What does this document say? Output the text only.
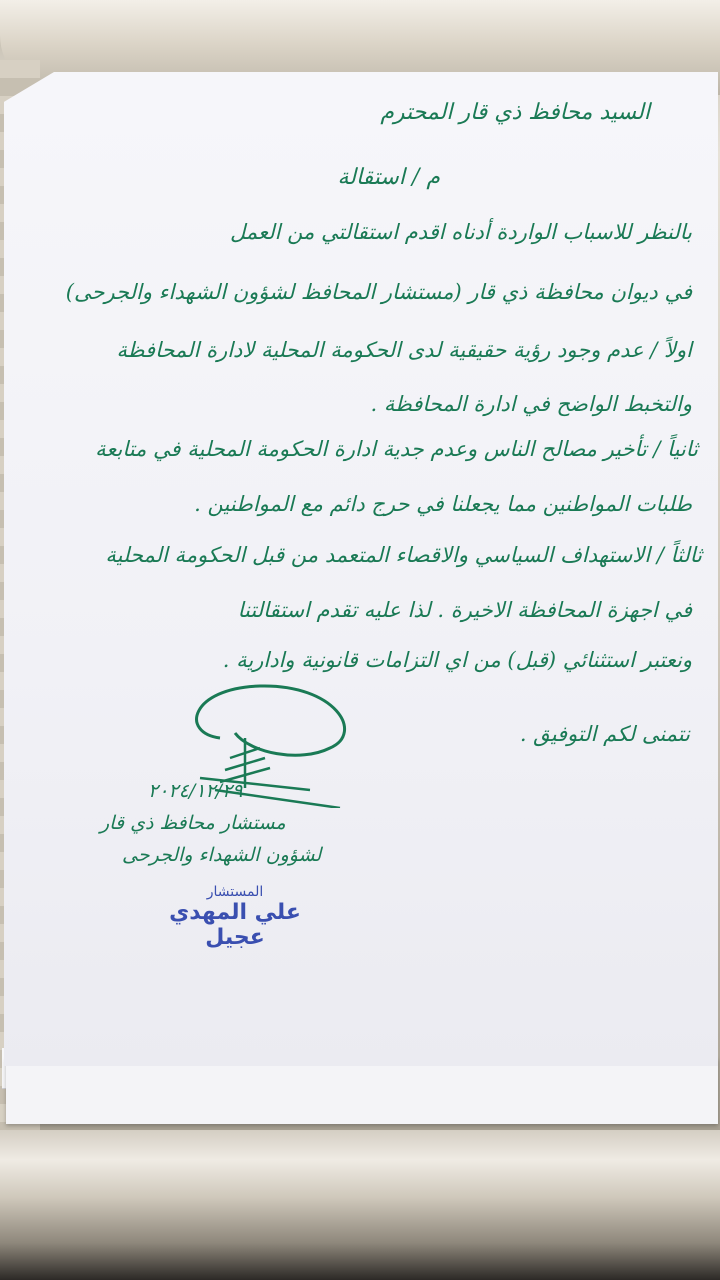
السيد محافظ ذي قار المحترم
م / استقالة
بالنظر للاسباب الواردة أدناه اقدم استقالتي من العمل
في ديوان محافظة ذي قار (مستشار المحافظ لشؤون الشهداء والجرحى)
اولاً / عدم وجود رؤية حقيقية لدى الحكومة المحلية لادارة المحافظة
والتخبط الواضح في ادارة المحافظة .
ثانياً / تأخير مصالح الناس وعدم جدية ادارة الحكومة المحلية في متابعة
طلبات المواطنين مما يجعلنا في حرج دائم مع المواطنين .
ثالثاً / الاستهداف السياسي والاقصاء المتعمد من قبل الحكومة المحلية
في اجهزة المحافظة الاخيرة . لذا عليه تقدم استقالتنا
ونعتبر استثنائي (قبل) من اي التزامات قانونية وادارية .
نتمنى لكم التوفيق .
٢٠٢٤/١٢/٢٩
مستشار محافظ ذي قار
لشؤون الشهداء والجرحى
المستشار
علي المهدي عجيل
